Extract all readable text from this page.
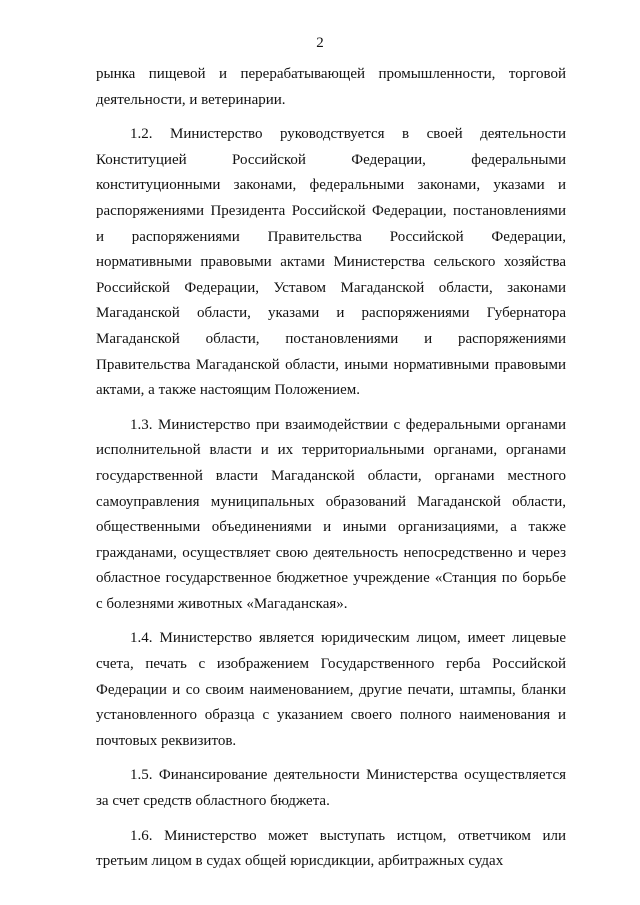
2

рынка пищевой и перерабатывающей промышленности, торговой деятельности, и ветеринарии.

1.2. Министерство руководствуется в своей деятельности Конституцией Российской Федерации, федеральными конституционными законами, федеральными законами, указами и распоряжениями Президента Российской Федерации, постановлениями и распоряжениями Правительства Российской Федерации, нормативными правовыми актами Министерства сельского хозяйства Российской Федерации, Уставом Магаданской области, законами Магаданской области, указами и распоряжениями Губернатора Магаданской области, постановлениями и распоряжениями Правительства Магаданской области, иными нормативными правовыми актами, а также настоящим Положением.

1.3. Министерство при взаимодействии с федеральными органами исполнительной власти и их территориальными органами, органами государственной власти Магаданской области, органами местного самоуправления муниципальных образований Магаданской области, общественными объединениями и иными организациями, а также гражданами, осуществляет свою деятельность непосредственно и через областное государственное бюджетное учреждение «Станция по борьбе с болезнями животных «Магаданская».

1.4. Министерство является юридическим лицом, имеет лицевые счета, печать с изображением Государственного герба Российской Федерации и со своим наименованием, другие печати, штампы, бланки установленного образца с указанием своего полного наименования и почтовых реквизитов.

1.5. Финансирование деятельности Министерства осуществляется за счет средств областного бюджета.

1.6. Министерство может выступать истцом, ответчиком или третьим лицом в судах общей юрисдикции, арбитражных судах
